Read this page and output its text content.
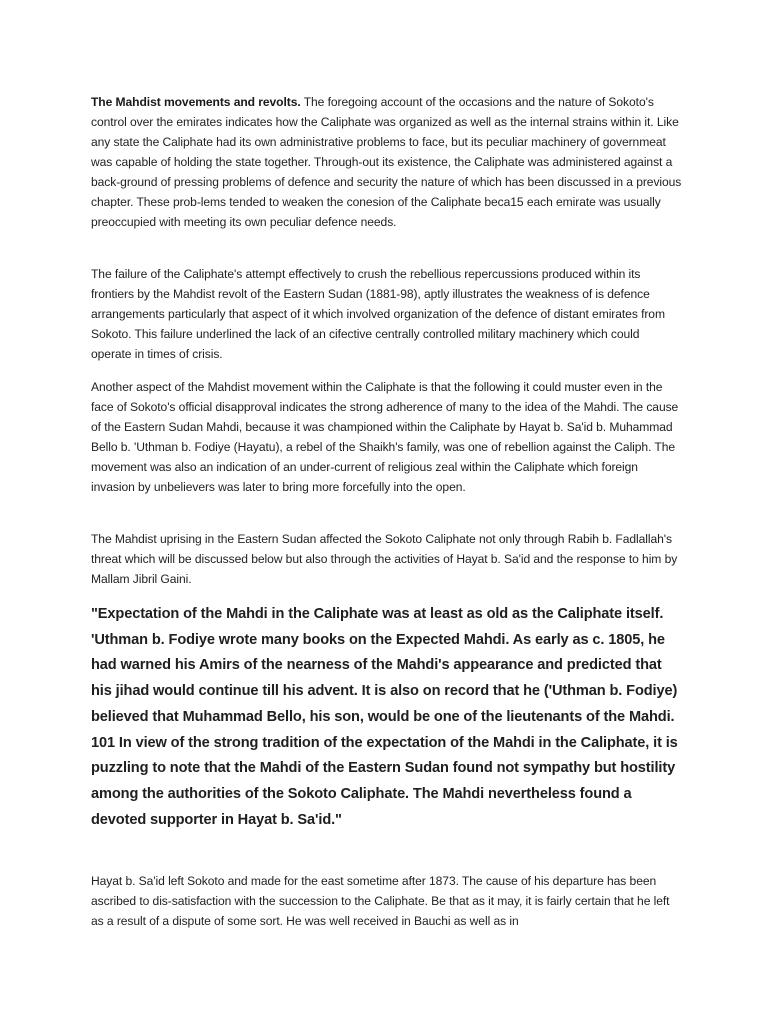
The Mahdist movements and revolts. The foregoing account of the occasions and the nature of Sokoto's control over the emirates indicates how the Caliphate was organized as well as the internal strains within it. Like any state the Caliphate had its own administrative problems to face, but its peculiar machinery of governmeat was capable of holding the state together. Through-out its existence, the Caliphate was administered against a back-ground of pressing problems of defence and security the nature of which has been discussed in a previous chapter. These prob-lems tended to weaken the conesion of the Caliphate beca15 each emirate was usually preoccupied with meeting its own peculiar defence needs.

The failure of the Caliphate's attempt effectively to crush the rebellious repercussions produced within its frontiers by the Mahdist revolt of the Eastern Sudan (1881-98), aptly illustrates the weakness of is defence arrangements particularly that aspect of it which involved organization of the defence of distant emirates from Sokoto. This failure underlined the lack of an cifective centrally controlled military machinery which could operate in times of crisis.

Another aspect of the Mahdist movement within the Caliphate is that the following it could muster even in the face of Sokoto's official disapproval indicates the strong adherence of many to the idea of the Mahdi. The cause of the Eastern Sudan Mahdi, because it was championed within the Caliphate by Hayat b. Sa'id b. Muhammad Bello b. 'Uthman b. Fodiye (Hayatu), a rebel of the Shaikh's family, was one of rebellion against the Caliph. The movement was also an indication of an under-current of religious zeal within the Caliphate which foreign invasion by unbelievers was later to bring more forcefully into the open.

The Mahdist uprising in the Eastern Sudan affected the Sokoto Caliphate not only through Rabih b. Fadlallah's threat which will be discussed below but also through the activities of Hayat b. Sa'id and the response to him by Mallam Jibril Gaini.

"Expectation of the Mahdi in the Caliphate was at least as old as the Caliphate itself. 'Uthman b. Fodiye wrote many books on the Expected Mahdi. As early as c. 1805, he had warned his Amirs of the nearness of the Mahdi's appearance and predicted that his jihad would continue till his advent. It is also on record that he ('Uthman b. Fodiye) believed that Muhammad Bello, his son, would be one of the lieutenants of the Mahdi. 101 In view of the strong tradition of the expectation of the Mahdi in the Caliphate, it is puzzling to note that the Mahdi of the Eastern Sudan found not sympathy but hostility among the authorities of the Sokoto Caliphate. The Mahdi nevertheless found a devoted supporter in Hayat b. Sa'id."

Hayat b. Sa'id left Sokoto and made for the east sometime after 1873. The cause of his departure has been ascribed to dis-satisfaction with the succession to the Caliphate. Be that as it may, it is fairly certain that he left as a result of a dispute of some sort. He was well received in Bauchi as well as in
